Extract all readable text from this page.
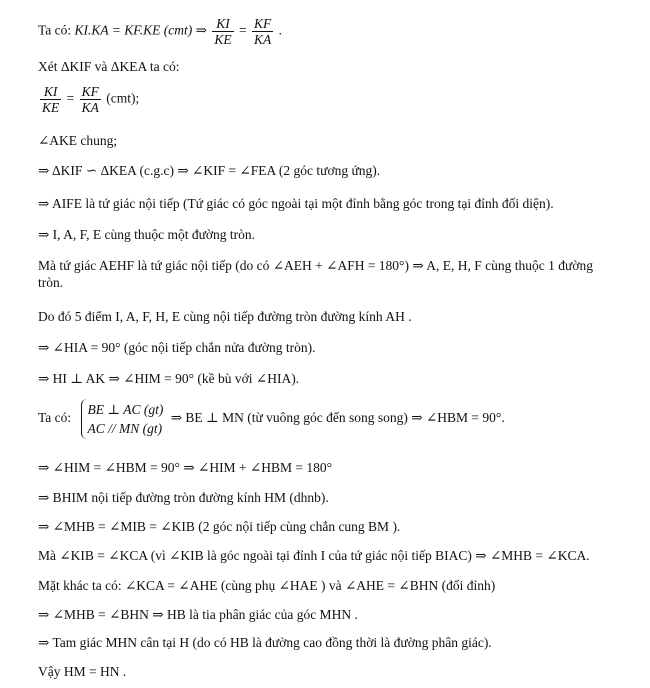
Ta có: KI.KA = KF.KE (cmt) ⇒ $\frac{KI}{KE} = \frac{KF}{KA}$ .
Xét ΔKIF và ΔKEA ta có:
$\frac{KI}{KE} = \frac{KF}{KA} (cmt)$;
∠AKE chung;
⇒ ΔKIF ∽ ΔKEA (c.g.c) ⇒ ∠KIF = ∠FEA (2 góc tương ứng).
⇒ AIFE là tứ giác nội tiếp (Tứ giác có góc ngoài tại một đỉnh bằng góc trong tại đỉnh đối diện).
⇒ I, A, F, E cùng thuộc một đường tròn.
Mà tứ giác AEHF là tứ giác nội tiếp (do có ∠AEH + ∠AFH = 180°) ⇒ A, E, H, F cùng thuộc 1 đường tròn.
Do đó 5 điểm I, A, F, H, E cùng nội tiếp đường tròn đường kính AH .
⇒ ∠HIA = 90° (góc nội tiếp chắn nửa đường tròn).
⇒ HI ⊥ AK ⇒ ∠HIM = 90° (kề bù với ∠HIA).
Ta có:
BE ⊥ AC (gt)
AC // MN (gt)
⇒ BE ⊥ MN (từ vuông góc đến song song) ⇒ ∠HBM = 90°.
⇒ ∠HIM = ∠HBM = 90° ⇒ ∠HIM + ∠HBM = 180°
⇒ BHIM nội tiếp đường tròn đường kính HM (dhnb).
⇒ ∠MHB = ∠MIB = ∠KIB (2 góc nội tiếp cùng chắn cung BM ).
Mà ∠KIB = ∠KCA (vì ∠KIB là góc ngoài tại đỉnh I của tứ giác nội tiếp BIAC) ⇒ ∠MHB = ∠KCA.
Mặt khác ta có: ∠KCA = ∠AHE (cùng phụ ∠HAE ) và ∠AHE = ∠BHN (đối đỉnh)
⇒ ∠MHB = ∠BHN ⇒ HB là tia phân giác của góc MHN .
⇒ Tam giác MHN cân tại H (do có HB là đường cao đồng thời là đường phân giác).
Vậy HM = HN .
